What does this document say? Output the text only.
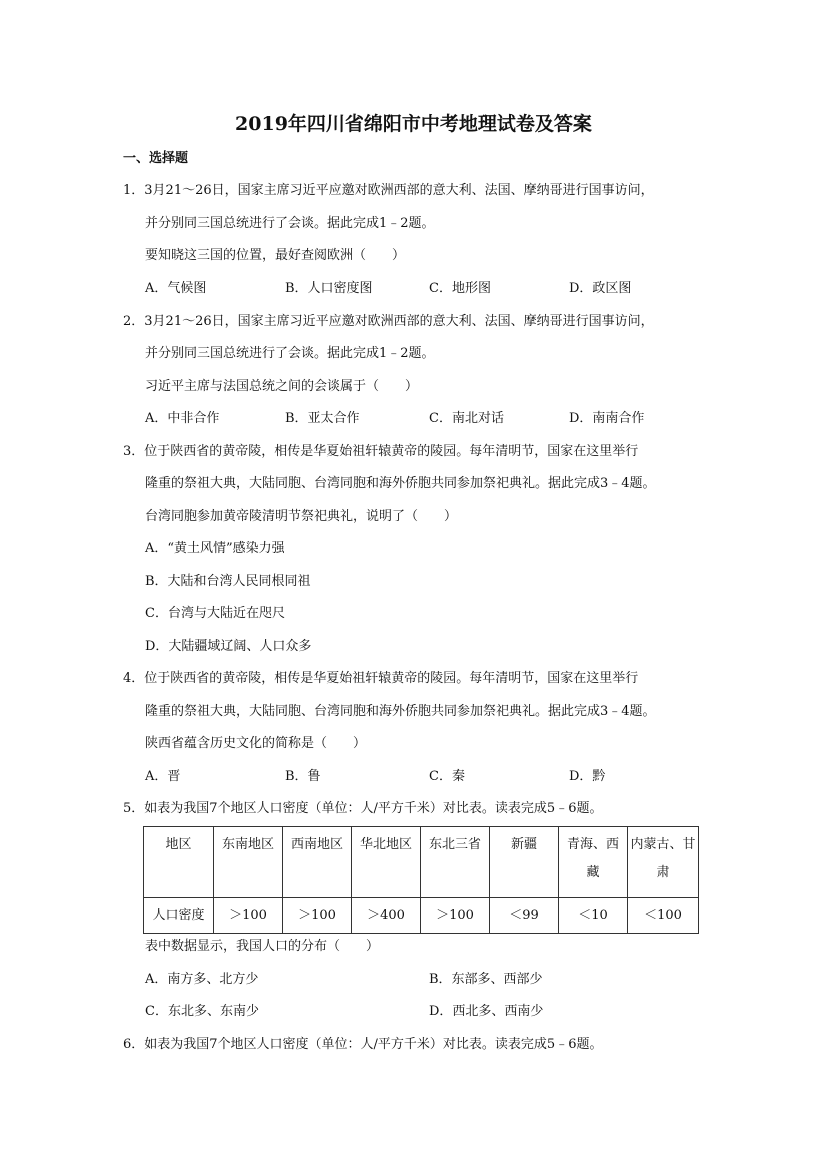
2019年四川省绵阳市中考地理试卷及答案
一、选择题
1．3月21～26日，国家主席习近平应邀对欧洲西部的意大利、法国、摩纳哥进行国事访问，
并分别同三国总统进行了会谈。据此完成1﹣2题。
要知晓这三国的位置，最好查阅欧洲（　　）
A．气候图	B．人口密度图	C．地形图	D．政区图
2．3月21～26日，国家主席习近平应邀对欧洲西部的意大利、法国、摩纳哥进行国事访问，
并分别同三国总统进行了会谈。据此完成1﹣2题。
习近平主席与法国总统之间的会谈属于（　　）
A．中非合作	B．亚太合作	C．南北对话	D．南南合作
3．位于陕西省的黄帝陵，相传是华夏始祖轩辕黄帝的陵园。每年清明节，国家在这里举行
隆重的祭祖大典，大陆同胞、台湾同胞和海外侨胞共同参加祭祀典礼。据此完成3﹣4题。
台湾同胞参加黄帝陵清明节祭祀典礼，说明了（　　）
A．“黄土风情”感染力强
B．大陆和台湾人民同根同祖
C．台湾与大陆近在咫尺
D．大陆疆域辽阔、人口众多
4．位于陕西省的黄帝陵，相传是华夏始祖轩辕黄帝的陵园。每年清明节，国家在这里举行
隆重的祭祖大典，大陆同胞、台湾同胞和海外侨胞共同参加祭祀典礼。据此完成3﹣4题。
陕西省蕴含历史文化的简称是（　　）
A．晋	B．鲁	C．秦	D．黔
5．如表为我国7个地区人口密度（单位：人/平方千米）对比表。读表完成5﹣6题。
地区	东南地区	西南地区	华北地区	东北三省	新疆	青海、西藏	内蒙古、甘肃
人口密度	＞100	＞100	＞400	＞100	＜99	＜10	＜100
表中数据显示，我国人口的分布（　　）
A．南方多、北方少	B．东部多、西部少
C．东北多、东南少	D．西北多、西南少
6．如表为我国7个地区人口密度（单位：人/平方千米）对比表。读表完成5﹣6题。
